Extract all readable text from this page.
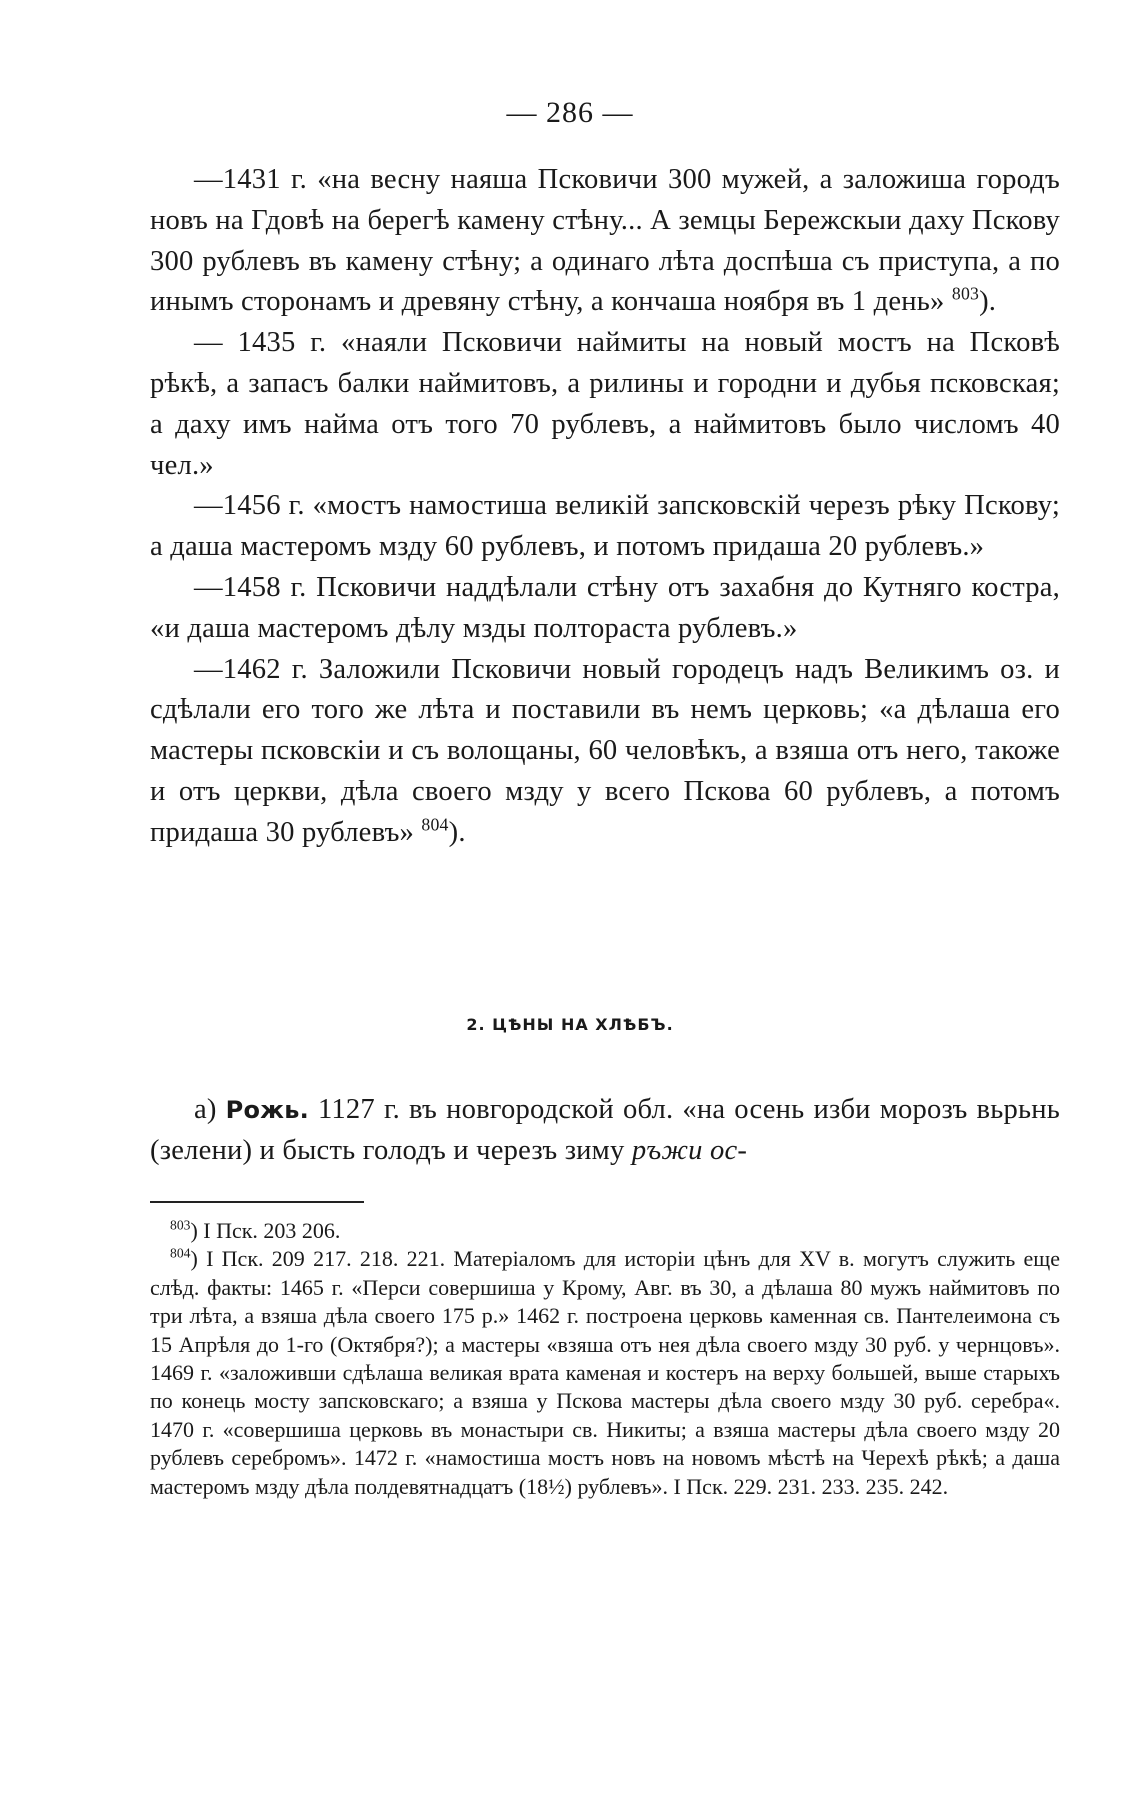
— 286 —

—1431 г. «на весну наяша Псковичи 300 мужей, а заложиша городъ новъ на Гдовѣ на берегѣ камену стѣну... А земцы Бережскыи даху Пскову 300 рублевъ въ камену стѣну; а одинаго лѣта доспѣша съ приступа, а по инымъ сторонамъ и древяну стѣну, а кончаша ноября въ 1 день» $^{803}$).

— 1435 г. «наяли Псковичи наймиты на новый мостъ на Псковѣ рѣкѣ, а запасъ балки наймитовъ, а рилины и городни и дубья псковская; а даху имъ найма отъ того 70 рублевъ, а наймитовъ было числомъ 40 чел.»

—1456 г. «мостъ намостиша великій запсковскій черезъ рѣку Пскову; а даша мастеромъ мзду 60 рублевъ, и потомъ придаша 20 рублевъ.»

—1458 г. Псковичи наддѣлали стѣну отъ захабня до Кутняго костра, «и даша мастеромъ дѣлу мзды полтораста рублевъ.»

—1462 г. Заложили Псковичи новый городецъ надъ Великимъ оз. и сдѣлали его того же лѣта и поставили въ немъ церковь; «а дѣлаша его мастеры псковскіи и съ волощаны, 60 человѣкъ, а взяша отъ него, такоже и отъ церкви, дѣла своего мзду у всего Пскова 60 рублевъ, а потомъ придаша 30 рублевъ» $^{804}$).

2. ЦѢНЫ НА ХЛѢБЪ.

а) Рожь. 1127 г. въ новгородской обл. «на осень изби морозъ вьрьнь (зелени) и бысть голодъ и черезъ зиму ръжи ос-

$^{803}$) I Пск. 203 206.

$^{804}$) I Пск. 209 217. 218. 221. Матеріаломъ для исторіи цѣнъ для XV в. могутъ служить еще слѣд. факты: 1465 г. «Перси совершиша у Крому, Авг. въ 30, а дѣлаша 80 мужъ наймитовъ по три лѣта, а взяша дѣла своего 175 р.» 1462 г. построена церковь каменная св. Пантелеимона съ 15 Апрѣля до 1-го (Октября?); а мастеры «взяша отъ нея дѣла своего мзду 30 руб. у чернцовъ». 1469 г. «заложивши сдѣлаша великая врата каменая и костеръ на верху большей, выше старыхъ по конець мосту запсковскаго; а взяша у Пскова мастеры дѣла своего мзду 30 руб. серебра«. 1470 г. «совершиша церковь въ монастыри св. Никиты; а взяша мастеры дѣла своего мзду 20 рублевъ серебромъ». 1472 г. «намостиша мостъ новъ на новомъ мѣстѣ на Черехѣ рѣкѣ; а даша мастеромъ мзду дѣла полдевятнадцатъ (18½) рублевъ». I Пск. 229. 231. 233. 235. 242.
